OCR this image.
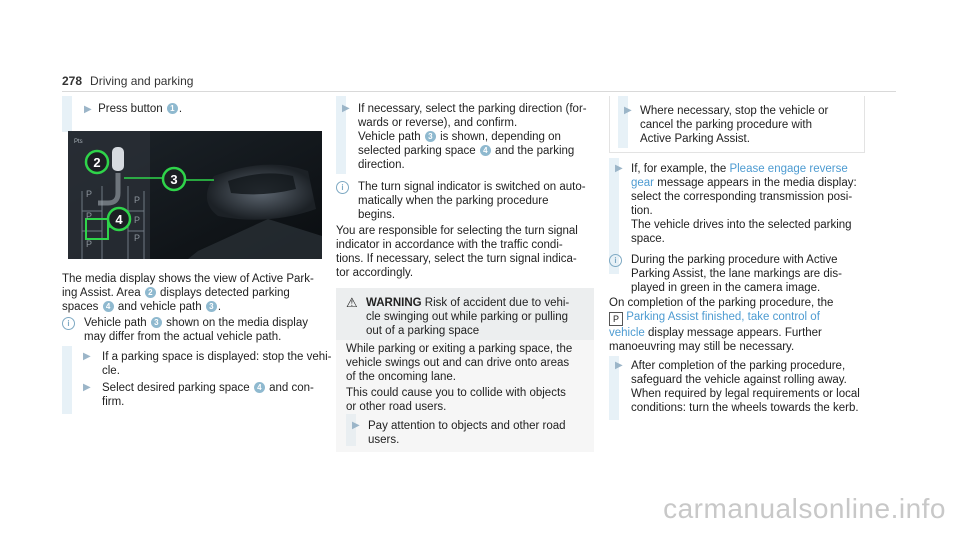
278 Driving and parking
▶ Press button 1 .
2
3
4
P
P
P
P
P
P
Pts
The media display shows the view of Active Park-
ing Assist. Area 2 displays detected parking
spaces 4 and vehicle path 3 .
i Vehicle path 3 shown on the media display
may differ from the actual vehicle path.
▶ If a parking space is displayed: stop the vehi-
cle.
▶ Select desired parking space 4 and con-
firm.
▶ If necessary, select the parking direction (for-
wards or reverse), and confirm.
Vehicle path 3 is shown, depending on
selected parking space 4 and the parking
direction.
i The turn signal indicator is switched on auto-
matically when the parking procedure
begins.
You are responsible for selecting the turn signal
indicator in accordance with the traffic condi-
tions. If necessary, select the turn signal indica-
tor accordingly.
⚠ WARNING Risk of accident due to vehi-
cle swinging out while parking or pulling
out of a parking space
While parking or exiting a parking space, the
vehicle swings out and can drive onto areas
of the oncoming lane.
This could cause you to collide with objects
or other road users.
▶ Pay attention to objects and other road
users.
▶ Where necessary, stop the vehicle or
cancel the parking procedure with
Active Parking Assist.
▶ If, for example, the Please engage reverse
gear message appears in the media display:
select the corresponding transmission posi-
tion.
The vehicle drives into the selected parking
space.
i During the parking procedure with Active
Parking Assist, the lane markings are dis-
played in green in the camera image.
On completion of the parking procedure, the
P Parking Assist finished, take control of
vehicle display message appears. Further
manoeuvring may still be necessary.
▶ After completion of the parking procedure,
safeguard the vehicle against rolling away.
When required by legal requirements or local
conditions: turn the wheels towards the kerb.
carmanualsonline.info
